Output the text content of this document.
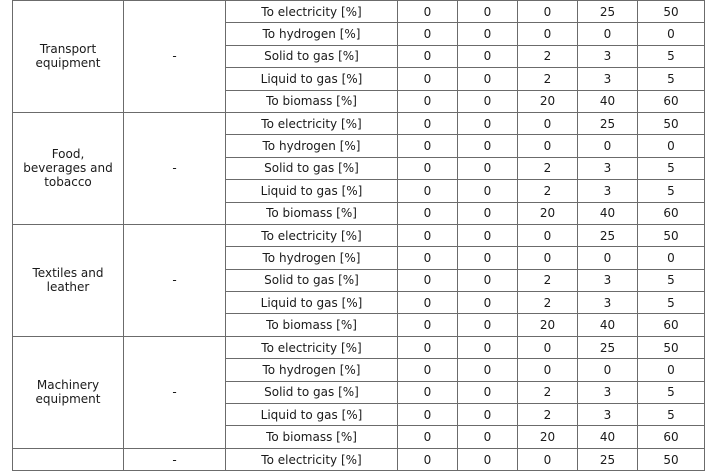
Transport
equipment	-	To electricity [%]	0	0	0	25	50
		To hydrogen [%]	0	0	0	0	0
		Solid to gas [%]	0	0	2	3	5
		Liquid to gas [%]	0	0	2	3	5
		To biomass [%]	0	0	20	40	60
Food,
beverages and
tobacco	-	To electricity [%]	0	0	0	25	50
		To hydrogen [%]	0	0	0	0	0
		Solid to gas [%]	0	0	2	3	5
		Liquid to gas [%]	0	0	2	3	5
		To biomass [%]	0	0	20	40	60
Textiles and
leather	-	To electricity [%]	0	0	0	25	50
		To hydrogen [%]	0	0	0	0	0
		Solid to gas [%]	0	0	2	3	5
		Liquid to gas [%]	0	0	2	3	5
		To biomass [%]	0	0	20	40	60
Machinery
equipment	-	To electricity [%]	0	0	0	25	50
		To hydrogen [%]	0	0	0	0	0
		Solid to gas [%]	0	0	2	3	5
		Liquid to gas [%]	0	0	2	3	5
		To biomass [%]	0	0	20	40	60
	-	To electricity [%]	0	0	0	25	50
